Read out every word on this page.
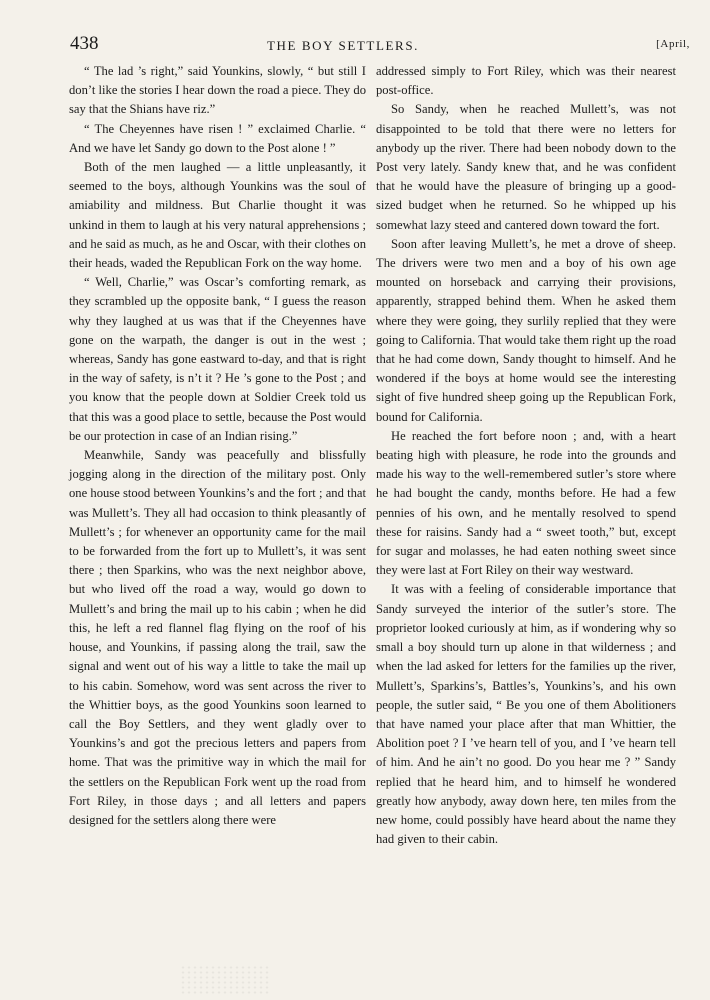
438	THE BOY SETTLERS.	[April,

“ The lad ’s right,” said Younkins, slowly, “ but still I don’t like the stories I hear down the road a piece. They do say that the Shians have riz.”

“ The Cheyennes have risen ! ” exclaimed Charlie. “ And we have let Sandy go down to the Post alone ! ”

Both of the men laughed — a little unpleasantly, it seemed to the boys, although Younkins was the soul of amiability and mildness. But Charlie thought it was unkind in them to laugh at his very natural apprehensions ; and he said as much, as he and Oscar, with their clothes on their heads, waded the Republican Fork on the way home.

“ Well, Charlie,” was Oscar’s comforting remark, as they scrambled up the opposite bank, “ I guess the reason why they laughed at us was that if the Cheyennes have gone on the warpath, the danger is out in the west ; whereas, Sandy has gone eastward to-day, and that is right in the way of safety, is n’t it ? He ’s gone to the Post ; and you know that the people down at Soldier Creek told us that this was a good place to settle, because the Post would be our protection in case of an Indian rising.”

Meanwhile, Sandy was peacefully and blissfully jogging along in the direction of the military post. Only one house stood between Younkins’s and the fort ; and that was Mullett’s. They all had occasion to think pleasantly of Mullett’s ; for whenever an opportunity came for the mail to be forwarded from the fort up to Mullett’s, it was sent there ; then Sparkins, who was the next neighbor above, but who lived off the road a way, would go down to Mullett’s and bring the mail up to his cabin ; when he did this, he left a red flannel flag flying on the roof of his house, and Younkins, if passing along the trail, saw the signal and went out of his way a little to take the mail up to his cabin. Somehow, word was sent across the river to the Whittier boys, as the good Younkins soon learned to call the Boy Settlers, and they went gladly over to Younkins’s and got the precious letters and papers from home. That was the primitive way in which the mail for the settlers on the Republican Fork went up the road from Fort Riley, in those days ; and all letters and papers designed for the settlers along there were

addressed simply to Fort Riley, which was their nearest post-office.

So Sandy, when he reached Mullett’s, was not disappointed to be told that there were no letters for anybody up the river. There had been nobody down to the Post very lately. Sandy knew that, and he was confident that he would have the pleasure of bringing up a good-sized budget when he returned. So he whipped up his somewhat lazy steed and cantered down toward the fort.

Soon after leaving Mullett’s, he met a drove of sheep. The drivers were two men and a boy of his own age mounted on horseback and carrying their provisions, apparently, strapped behind them. When he asked them where they were going, they surlily replied that they were going to California. That would take them right up the road that he had come down, Sandy thought to himself. And he wondered if the boys at home would see the interesting sight of five hundred sheep going up the Republican Fork, bound for California.

He reached the fort before noon ; and, with a heart beating high with pleasure, he rode into the grounds and made his way to the well-remembered sutler’s store where he had bought the candy, months before. He had a few pennies of his own, and he mentally resolved to spend these for raisins. Sandy had a “ sweet tooth,” but, except for sugar and molasses, he had eaten nothing sweet since they were last at Fort Riley on their way westward.

It was with a feeling of considerable importance that Sandy surveyed the interior of the sutler’s store. The proprietor looked curiously at him, as if wondering why so small a boy should turn up alone in that wilderness ; and when the lad asked for letters for the families up the river, Mullett’s, Sparkins’s, Battles’s, Younkins’s, and his own people, the sutler said, “ Be you one of them Abolitioners that have named your place after that man Whittier, the Abolition poet ? I ’ve hearn tell of you, and I ’ve hearn tell of him. And he ain’t no good. Do you hear me ? ” Sandy replied that he heard him, and to himself he wondered greatly how anybody, away down here, ten miles from the new home, could possibly have heard about the name they had given to their cabin.
